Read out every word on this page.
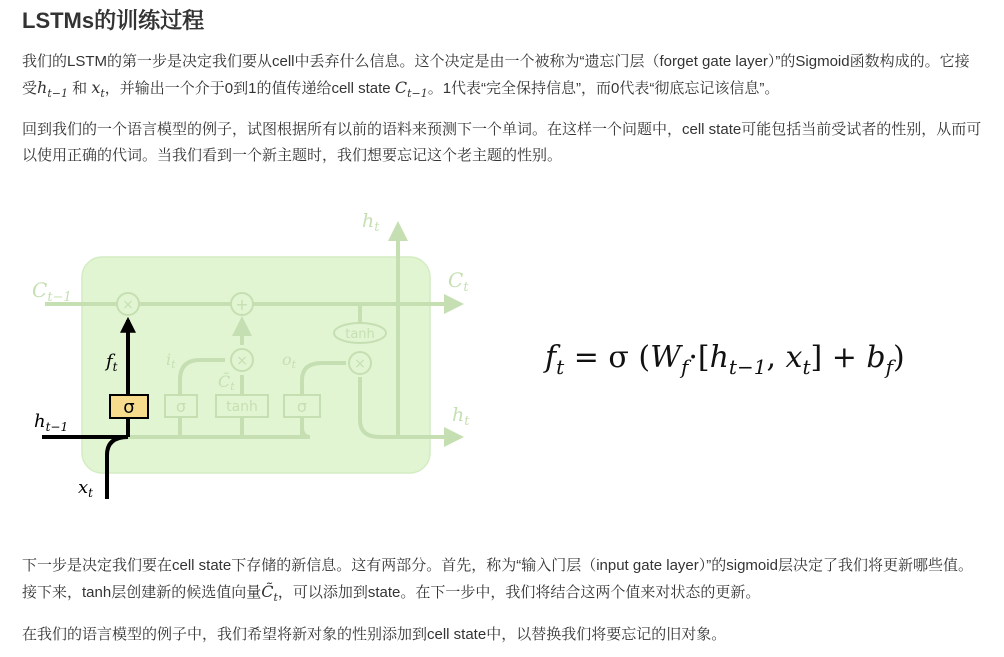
LSTMs的训练过程

我们的LSTM的第一步是决定我们要从cell中丢弃什么信息。这个决定是由一个被称为“遗忘门层（forget gate layer）”的Sigmoid函数构成的。它接受$h_{t-1}$ 和 $x_t$，并输出一个介于0到1的值传递给cell state $C_{t-1}$。1代表“完全保持信息”，而0代表“彻底忘记该信息”。

回到我们的一个语言模型的例子，试图根据所有以前的语料来预测下一个单词。在这样一个问题中，cell state可能包括当前受试者的性别，从而可以使用正确的代词。当我们看到一个新主题时，我们想要忘记这个老主题的性别。

×	+
×	×
tanh
σ	tanh σ
$C_{t-1}$
$C_t$
$h_t$
$h_t$
it	ot
C̃t
σ
$f_t$
$h_{t-1}$
$x_t$
$f_t = \sigma$ ($W_f\cdot[h_{t-1}$, $x_t] + b_f$)

下一步是决定我们要在cell state下存储的新信息。这有两部分。首先，称为“输入门层（input gate layer）”的sigmoid层决定了我们将更新哪些值。接下来，tanh层创建新的候选值向量$C̃_t$，可以添加到state。在下一步中，我们将结合这两个值来对状态的更新。

在我们的语言模型的例子中，我们希望将新对象的性别添加到cell state中，以替换我们将要忘记的旧对象。
